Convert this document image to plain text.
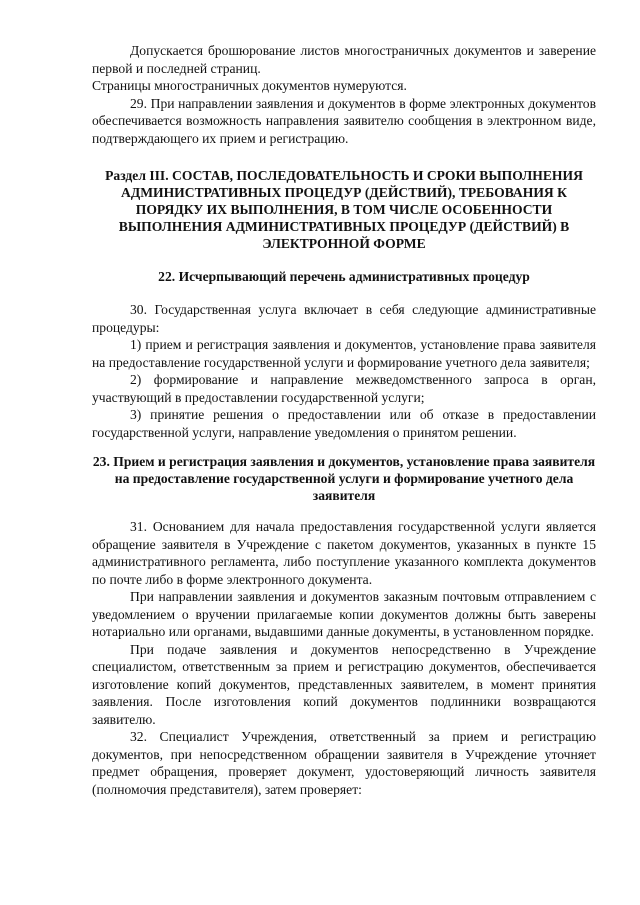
Допускается брошюрование листов многостраничных документов и заверение первой и последней страниц.

Страницы многостраничных документов нумеруются.

29. При направлении заявления и документов в форме электронных документов обеспечивается возможность направления заявителю сообщения в электронном виде, подтверждающего их прием и регистрацию.

Раздел III. СОСТАВ, ПОСЛЕДОВАТЕЛЬНОСТЬ И СРОКИ ВЫПОЛНЕНИЯ АДМИНИСТРАТИВНЫХ ПРОЦЕДУР (ДЕЙСТВИЙ), ТРЕБОВАНИЯ К ПОРЯДКУ ИХ ВЫПОЛНЕНИЯ, В ТОМ ЧИСЛЕ ОСОБЕННОСТИ ВЫПОЛНЕНИЯ АДМИНИСТРАТИВНЫХ ПРОЦЕДУР (ДЕЙСТВИЙ) В ЭЛЕКТРОННОЙ ФОРМЕ
22. Исчерпывающий перечень административных процедур

30. Государственная услуга включает в себя следующие административные процедуры:

1) прием и регистрация заявления и документов, установление права заявителя на предоставление государственной услуги и формирование учетного дела заявителя;

2) формирование и направление межведомственного запроса в орган, участвующий в предоставлении государственной услуги;

3) принятие решения о предоставлении или об отказе в предоставлении государственной услуги, направление уведомления о принятом решении.

23. Прием и регистрация заявления и документов, установление права заявителя на предоставление государственной услуги и формирование учетного дела заявителя

31. Основанием для начала предоставления государственной услуги является обращение заявителя в Учреждение с пакетом документов, указанных в пункте 15 административного регламента, либо поступление указанного комплекта документов по почте либо в форме электронного документа.

При направлении заявления и документов заказным почтовым отправлением с уведомлением о вручении прилагаемые копии документов должны быть заверены нотариально или органами, выдавшими данные документы, в установленном порядке.

При подаче заявления и документов непосредственно в Учреждение специалистом, ответственным за прием и регистрацию документов, обеспечивается изготовление копий документов, представленных заявителем, в момент принятия заявления. После изготовления копий документов подлинники возвращаются заявителю.

32. Специалист Учреждения, ответственный за прием и регистрацию документов, при непосредственном обращении заявителя в Учреждение уточняет предмет обращения, проверяет документ, удостоверяющий личность заявителя (полномочия представителя), затем проверяет:
